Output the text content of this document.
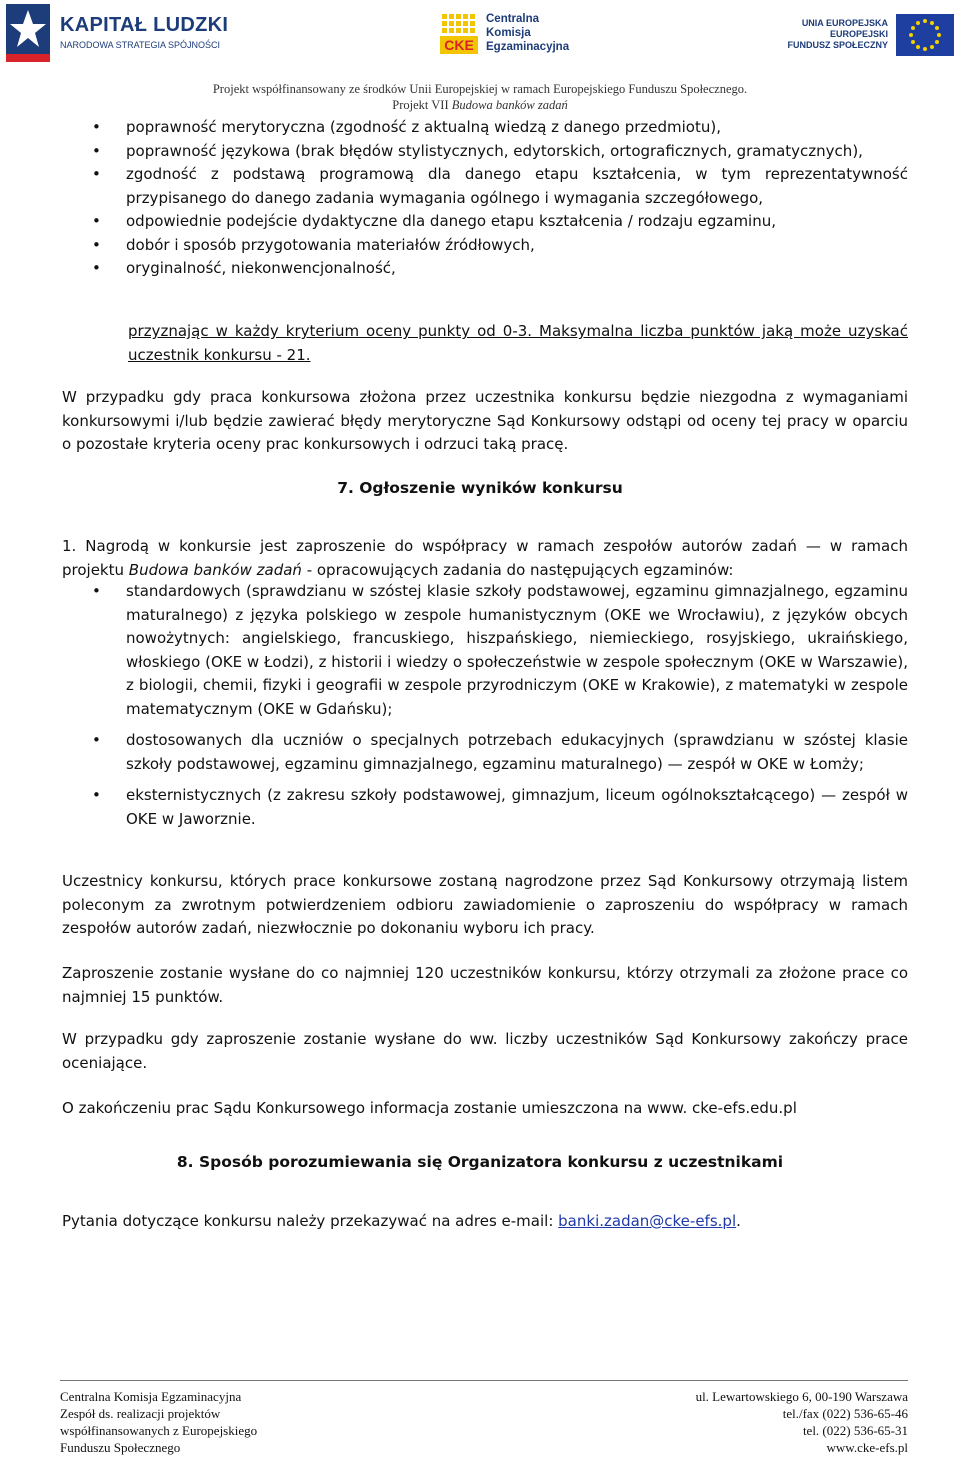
KAPITAŁ LUDZKI
NARODOWA STRATEGIA SPÓJNOŚCI	CKE
Centralna
Komisja
Egzaminacyjna
UNIA EUROPEJSKA
EUROPEJSKI
FUNDUSZ SPOŁECZNY
Projekt współfinansowany ze środków Unii Europejskiej w ramach Europejskiego Funduszu Społecznego.
Projekt VII Budowa banków zadań
• poprawność merytoryczna (zgodność z aktualną wiedzą z danego przedmiotu),
• poprawność językowa (brak błędów stylistycznych, edytorskich, ortograficznych, gramatycznych),
• zgodność z podstawą programową dla danego etapu kształcenia, w tym reprezentatywność przypisanego do danego zadania wymagania ogólnego i wymagania szczegółowego,
• odpowiednie podejście dydaktyczne dla danego etapu kształcenia / rodzaju egzaminu,
• dobór i sposób przygotowania materiałów źródłowych,
• oryginalność, niekonwencjonalność,
przyznając w każdy kryterium oceny punkty od 0-3. Maksymalna liczba punktów jaką może uzyskać uczestnik konkursu - 21.
W przypadku gdy praca konkursowa złożona przez uczestnika konkursu będzie niezgodna z wymaganiami konkursowymi i/lub będzie zawierać błędy merytoryczne Sąd Konkursowy odstąpi od oceny tej pracy w oparciu o pozostałe kryteria oceny prac konkursowych i odrzuci taką pracę.
7. Ogłoszenie wyników konkursu
1. Nagrodą w konkursie jest zaproszenie do współpracy w ramach zespołów autorów zadań — w ramach projektu Budowa banków zadań - opracowujących zadania do następujących egzaminów:
• standardowych (sprawdzianu w szóstej klasie szkoły podstawowej, egzaminu gimnazjalnego, egzaminu maturalnego) z języka polskiego w zespole humanistycznym (OKE we Wrocławiu), z języków obcych nowożytnych: angielskiego, francuskiego, hiszpańskiego, niemieckiego, rosyjskiego, ukraińskiego, włoskiego (OKE w Łodzi), z historii i wiedzy o społeczeństwie w zespole społecznym (OKE w Warszawie), z biologii, chemii, fizyki i geografii w zespole przyrodniczym (OKE w Krakowie), z matematyki w zespole matematycznym (OKE w Gdańsku);
• dostosowanych dla uczniów o specjalnych potrzebach edukacyjnych (sprawdzianu w szóstej klasie szkoły podstawowej, egzaminu gimnazjalnego, egzaminu maturalnego) — zespół w OKE w Łomży;
• eksternistycznych (z zakresu szkoły podstawowej, gimnazjum, liceum ogólnokształcącego) — zespół w OKE w Jaworznie.
Uczestnicy konkursu, których prace konkursowe zostaną nagrodzone przez Sąd Konkursowy otrzymają listem poleconym za zwrotnym potwierdzeniem odbioru zawiadomienie o zaproszeniu do współpracy w ramach zespołów autorów zadań, niezwłocznie po dokonaniu wyboru ich pracy.
Zaproszenie zostanie wysłane do co najmniej 120 uczestników konkursu, którzy otrzymali za złożone prace co najmniej 15 punktów.
W przypadku gdy zaproszenie zostanie wysłane do ww. liczby uczestników Sąd Konkursowy zakończy prace oceniające.
O zakończeniu prac Sądu Konkursowego informacja zostanie umieszczona na www. cke-efs.edu.pl
8. Sposób porozumiewania się Organizatora konkursu z uczestnikami
Pytania dotyczące konkursu należy przekazywać na adres e-mail: banki.zadan@cke-efs.pl.
Centralna Komisja Egzaminacyjna
Zespół ds. realizacji projektów
współfinansowanych z Europejskiego
Funduszu Społecznego
ul. Lewartowskiego 6, 00-190 Warszawa
tel./fax (022) 536-65-46
tel. (022) 536-65-31
www.cke-efs.pl
